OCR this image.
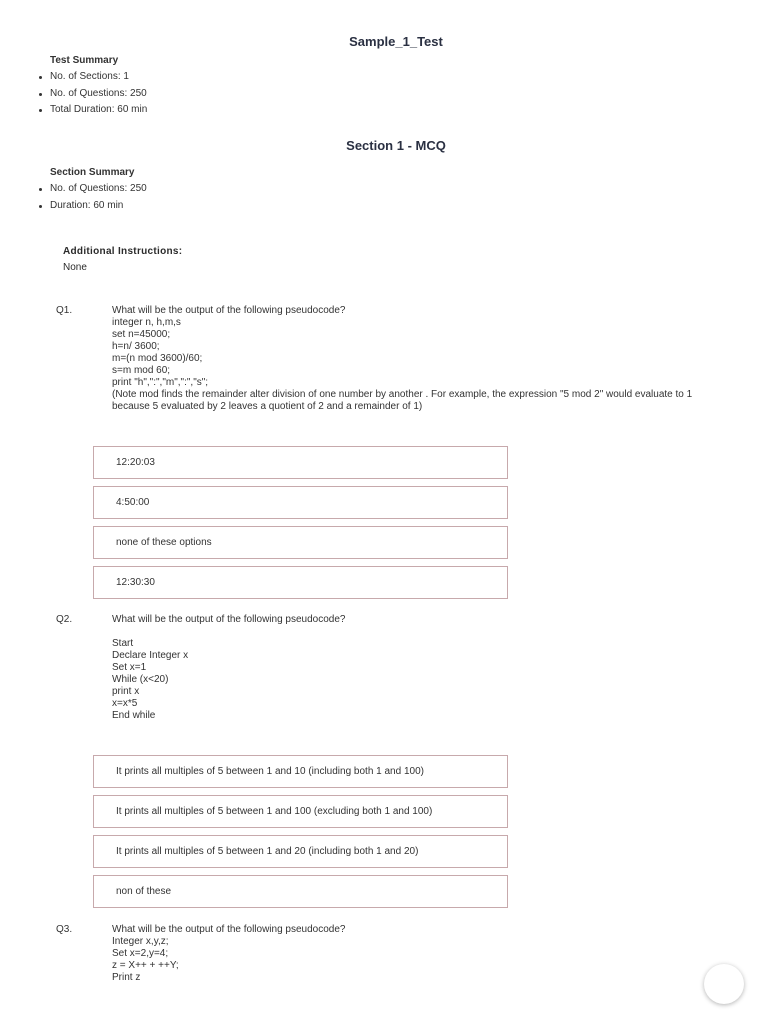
Sample_1_Test
Test Summary
No. of Sections: 1
No. of Questions: 250
Total Duration: 60 min
Section 1 - MCQ
Section Summary
No. of Questions: 250
Duration: 60 min
Additional Instructions:
None
Q1.	What will be the output of the following pseudocode?
integer n, h,m,s
set n=45000;
h=n/ 3600;
m=(n mod 3600)/60;
s=m mod 60;
print "h",":","m",":","s";
(Note mod finds the remainder alter division of one number by another . For example, the expression "5 mod 2" would evaluate to 1
because 5 evaluated by 2 leaves a quotient of 2 and a remainder of 1)
12:20:03
4:50:00
none of these options
12:30:30
Q2.	What will be the output of the following pseudocode?
Start
Declare Integer x
Set x=1
While (x<20)
print x
x=x*5
End while
It prints all multiples of 5 between 1 and 10 (including both 1 and 100)
It prints all multiples of 5 between 1 and 100 (excluding both 1 and 100)
It prints all multiples of 5 between 1 and 20 (including both 1 and 20)
non of these
Q3.	What will be the output of the following pseudocode?
Integer x,y,z;
Set x=2,y=4;
z = X++ + ++Y;
Print z
